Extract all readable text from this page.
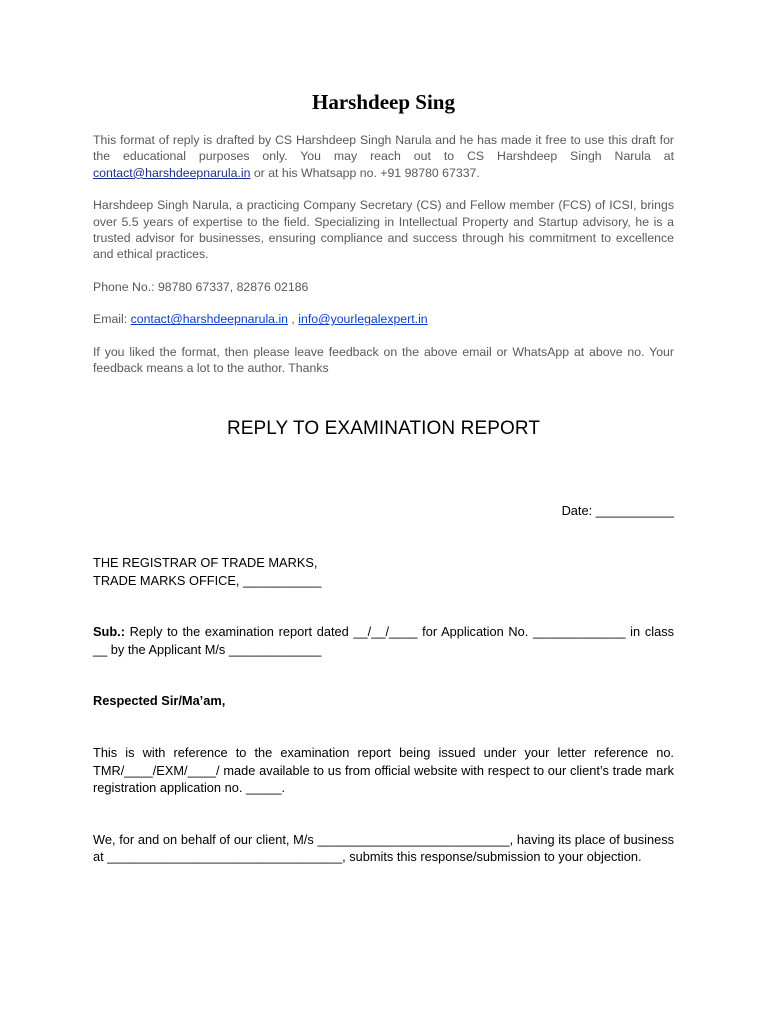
Harshdeep Sing

This format of reply is drafted by CS Harshdeep Singh Narula and he has made it free to use this draft for the educational purposes only. You may reach out to CS Harshdeep Singh Narula at contact@harshdeepnarula.in or at his Whatsapp no. +91 98780 67337.

Harshdeep Singh Narula, a practicing Company Secretary (CS) and Fellow member (FCS) of ICSI, brings over 5.5 years of expertise to the field. Specializing in Intellectual Property and Startup advisory, he is a trusted advisor for businesses, ensuring compliance and success through his commitment to excellence and ethical practices.

Phone No.: 98780 67337, 82876 02186

Email: contact@harshdeepnarula.in , info@yourlegalexpert.in

If you liked the format, then please leave feedback on the above email or WhatsApp at above no. Your feedback means a lot to the author. Thanks

REPLY TO EXAMINATION REPORT

Date: ___________

THE REGISTRAR OF TRADE MARKS,

TRADE MARKS OFFICE, ___________

Sub.: Reply to the examination report dated __/__/____ for Application No. _____________ in class __ by the Applicant M/s _____________

Respected Sir/Ma’am,

This is with reference to the examination report being issued under your letter reference no. TMR/____/EXM/____/ made available to us from official website with respect to our client’s trade mark registration application no. _____.

We, for and on behalf of our client, M/s ___________________________, having its place of business at _________________________________, submits this response/submission to your objection.
